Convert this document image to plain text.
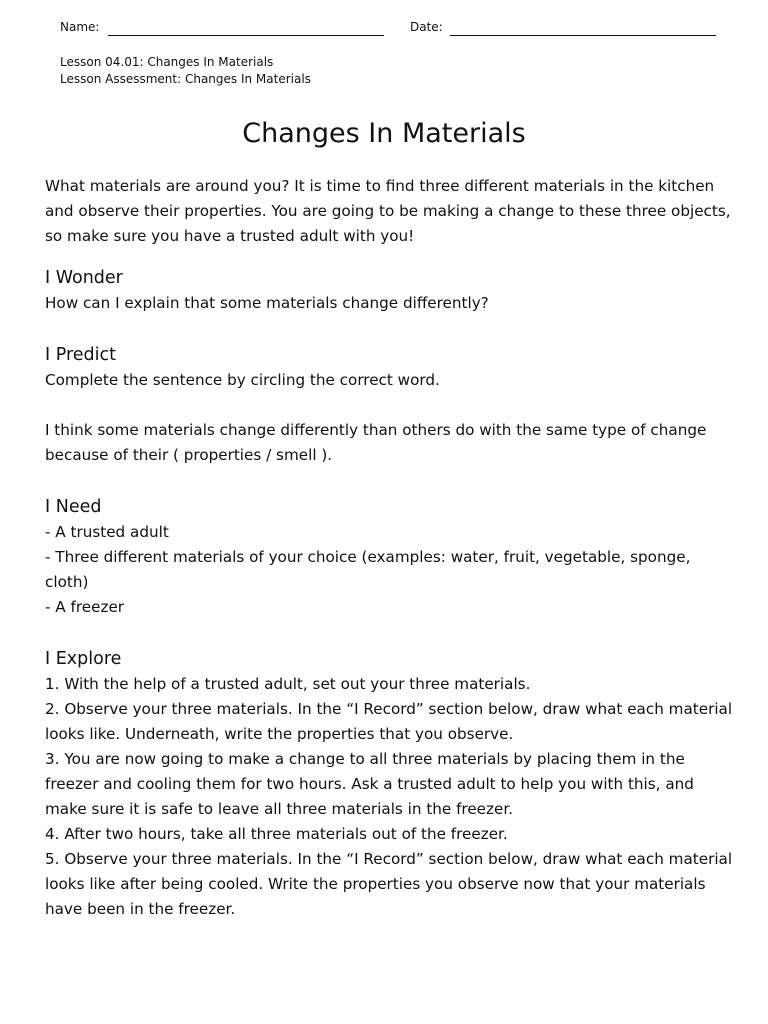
Name:	Date:
Lesson 04.01: Changes In Materials
Lesson Assessment: Changes In Materials
Changes In Materials

What materials are around you? It is time to find three different materials in the kitchen and observe their properties. You are going to be making a change to these three objects, so make sure you have a trusted adult with you!

I Wonder

How can I explain that some materials change differently?

I Predict

Complete the sentence by circling the correct word.

I think some materials change differently than others do with the same type of change because of their ( properties / smell ).

I Need

- A trusted adult

- Three different materials of your choice (examples: water, fruit, vegetable, sponge, cloth)

- A freezer

I Explore

1. With the help of a trusted adult, set out your three materials.

2. Observe your three materials. In the “I Record” section below, draw what each material looks like. Underneath, write the properties that you observe.

3. You are now going to make a change to all three materials by placing them in the freezer and cooling them for two hours. Ask a trusted adult to help you with this, and make sure it is safe to leave all three materials in the freezer.

4. After two hours, take all three materials out of the freezer.

5. Observe your three materials. In the “I Record” section below, draw what each material looks like after being cooled. Write the properties you observe now that your materials have been in the freezer.
